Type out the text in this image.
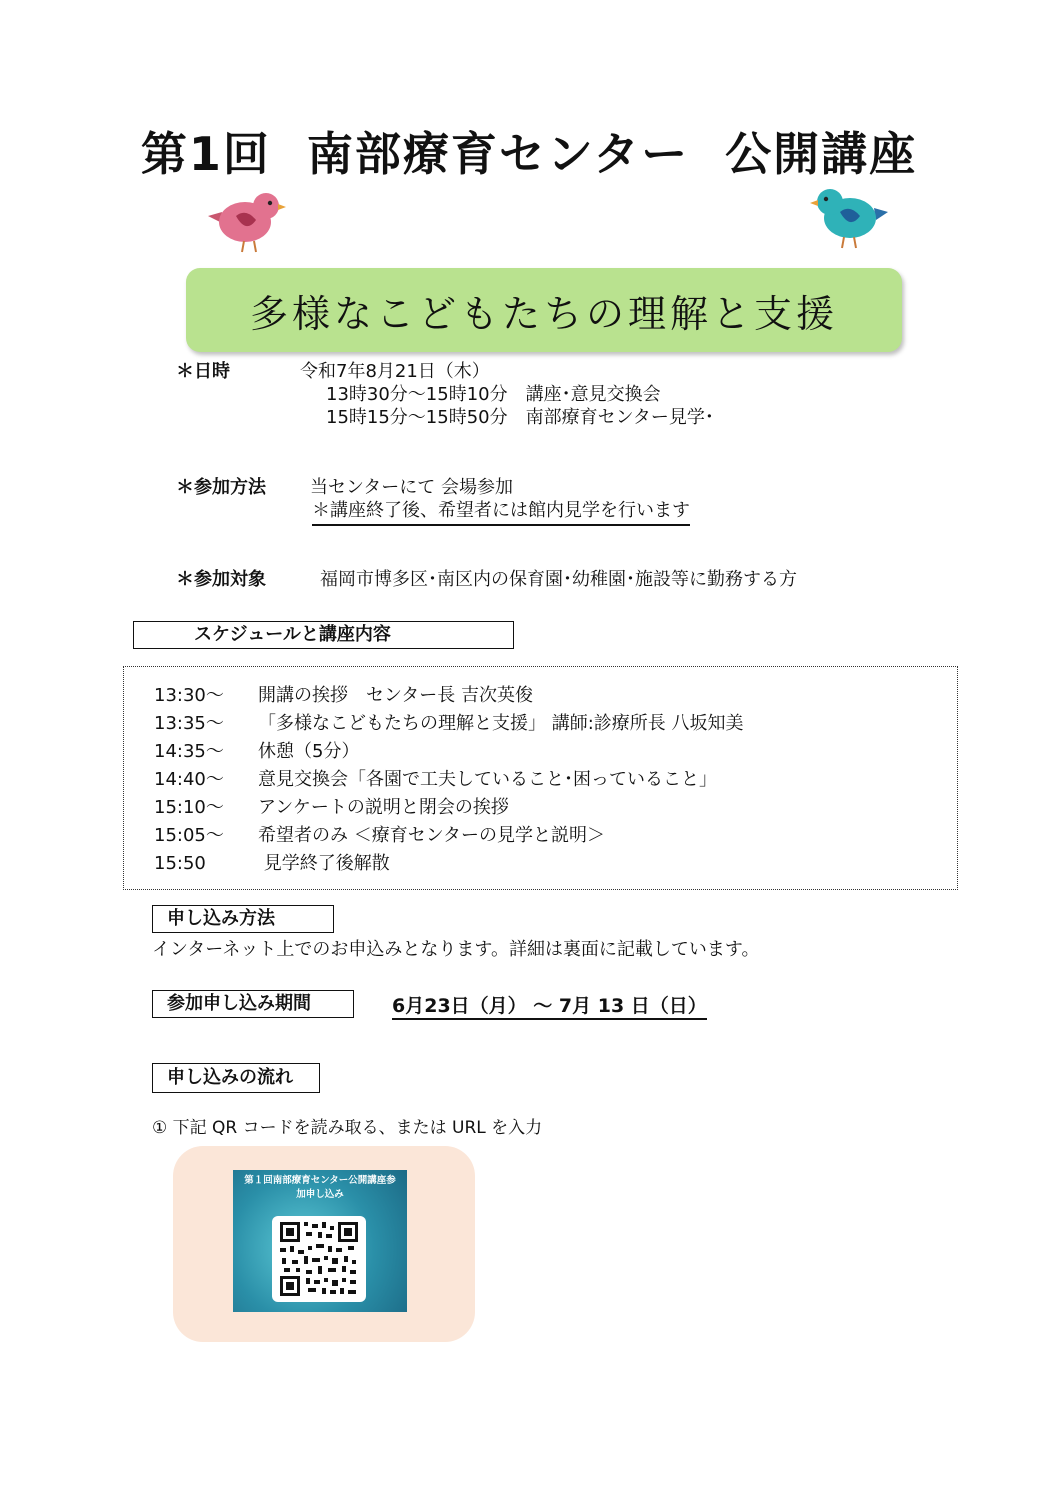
第1回  南部療育センター  公開講座
多様なこどもたちの理解と支援
＊日時	令和7年8月21日（木）
13時30分～15時10分　講座･意見交換会
15時15分～15時50分　南部療育センター見学･
＊参加方法 当センターにて 会場参加
＊講座終了後、希望者には館内見学を行います
＊参加対象	福岡市博多区･南区内の保育園･幼稚園･施設等に勤務する方
スケジュールと講座内容
13:30～ 開講の挨拶　センター長 吉次英俊
13:35～ 「多様なこどもたちの理解と支援」 講師:診療所長 八坂知美
14:35～ 休憩（5分）
14:40～ 意見交換会「各園で工夫していること･困っていること」
15:10～ アンケートの説明と閉会の挨拶
15:05～ 希望者のみ ＜療育センターの見学と説明＞
15:50	見学終了後解散
申し込み方法
インターネット上でのお申込みとなります。詳細は裏面に記載しています。
参加申し込み期間	6月23日（月） ～ 7月 13 日（日）
申し込みの流れ
① 下記 QR コードを読み取る、または URL を入力
第１回南部療育センター公開講座参
加申し込み
